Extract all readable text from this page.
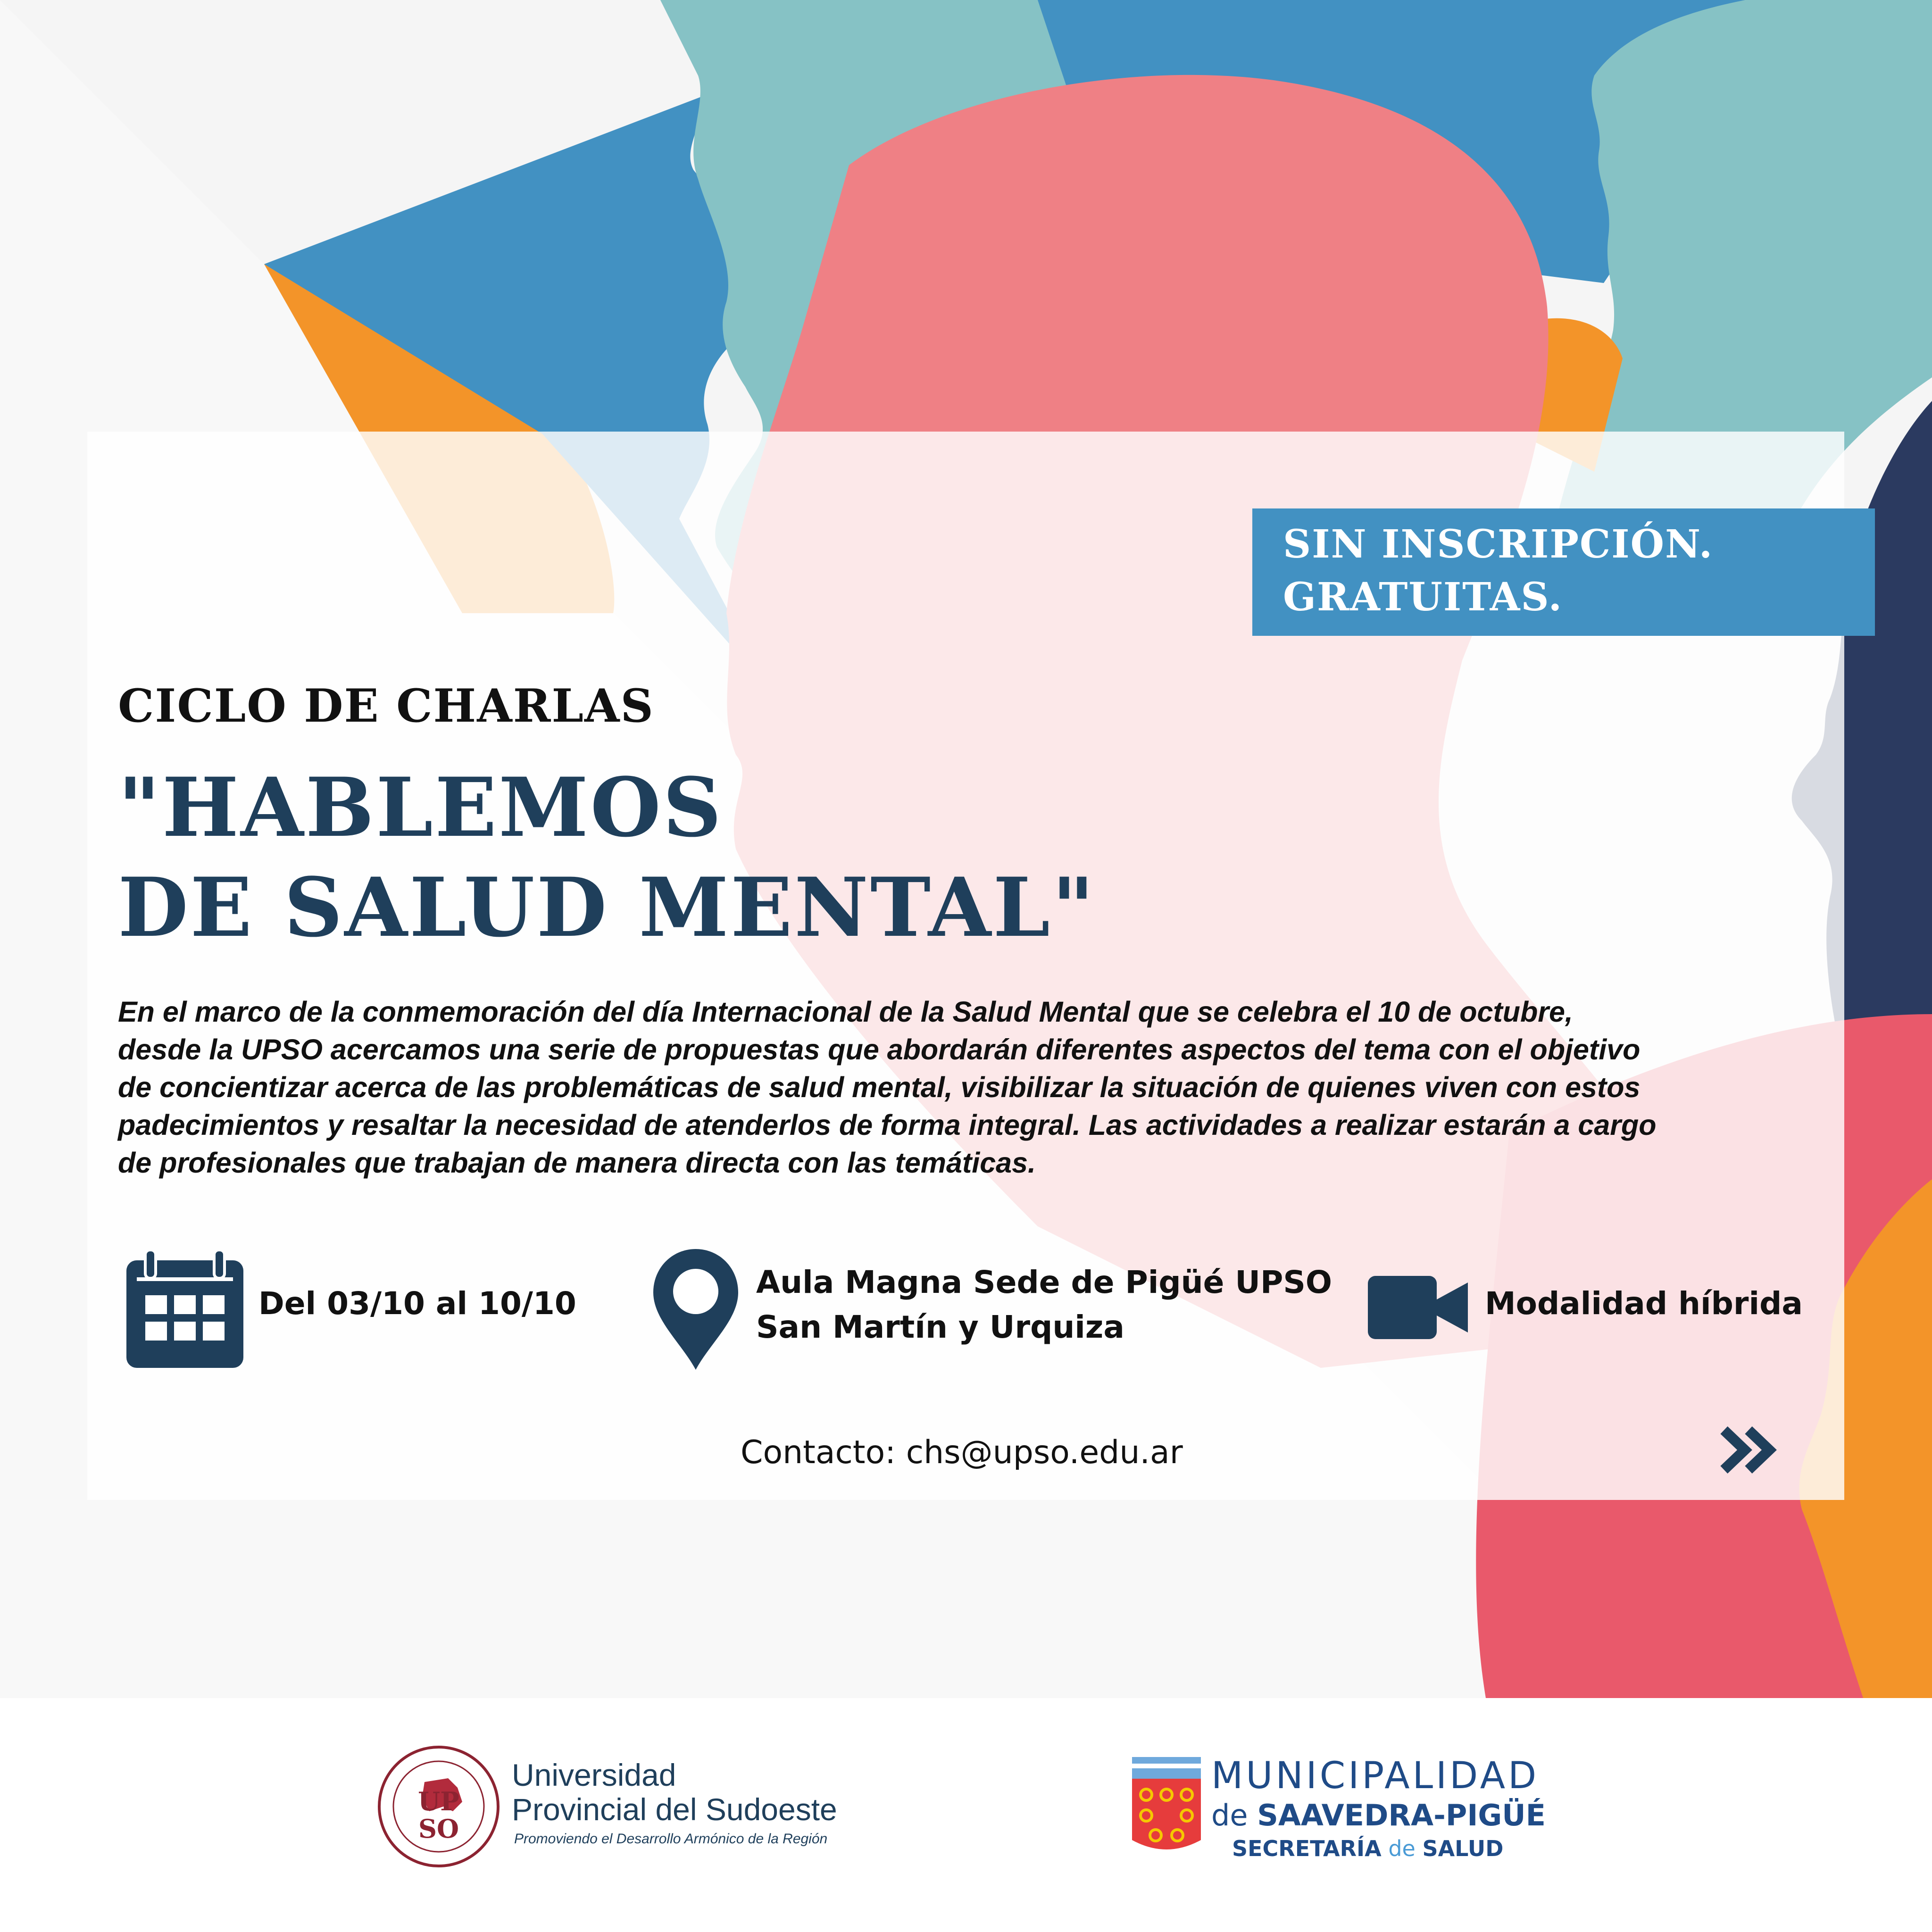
SIN INSCRIPCIÓN.
GRATUITAS.
CICLO DE CHARLAS
"HABLEMOS
DE SALUD MENTAL"
En el marco de la conmemoración del día Internacional de la Salud Mental que se celebra el 10 de octubre,
desde la UPSO acercamos una serie de propuestas que abordarán diferentes aspectos del tema con el objetivo
de concientizar acerca de las problemáticas de salud mental, visibilizar la situación de quienes viven con estos
padecimientos y resaltar la necesidad de atenderlos de forma integral. Las actividades a realizar estarán a cargo
de profesionales que trabajan de manera directa con las temáticas.
Del 03/10 al 10/10
Aula Magna Sede de Pigüé UPSO
San Martín y Urquiza
Modalidad híbrida
Contacto: chs@upso.edu.ar
UP
SO
Universidad
Provincial del Sudoeste
Promoviendo el Desarrollo Armónico de la Región
MUNICIPALIDAD
de SAAVEDRA-PIGÜÉ
SECRETARÍA de SALUD
